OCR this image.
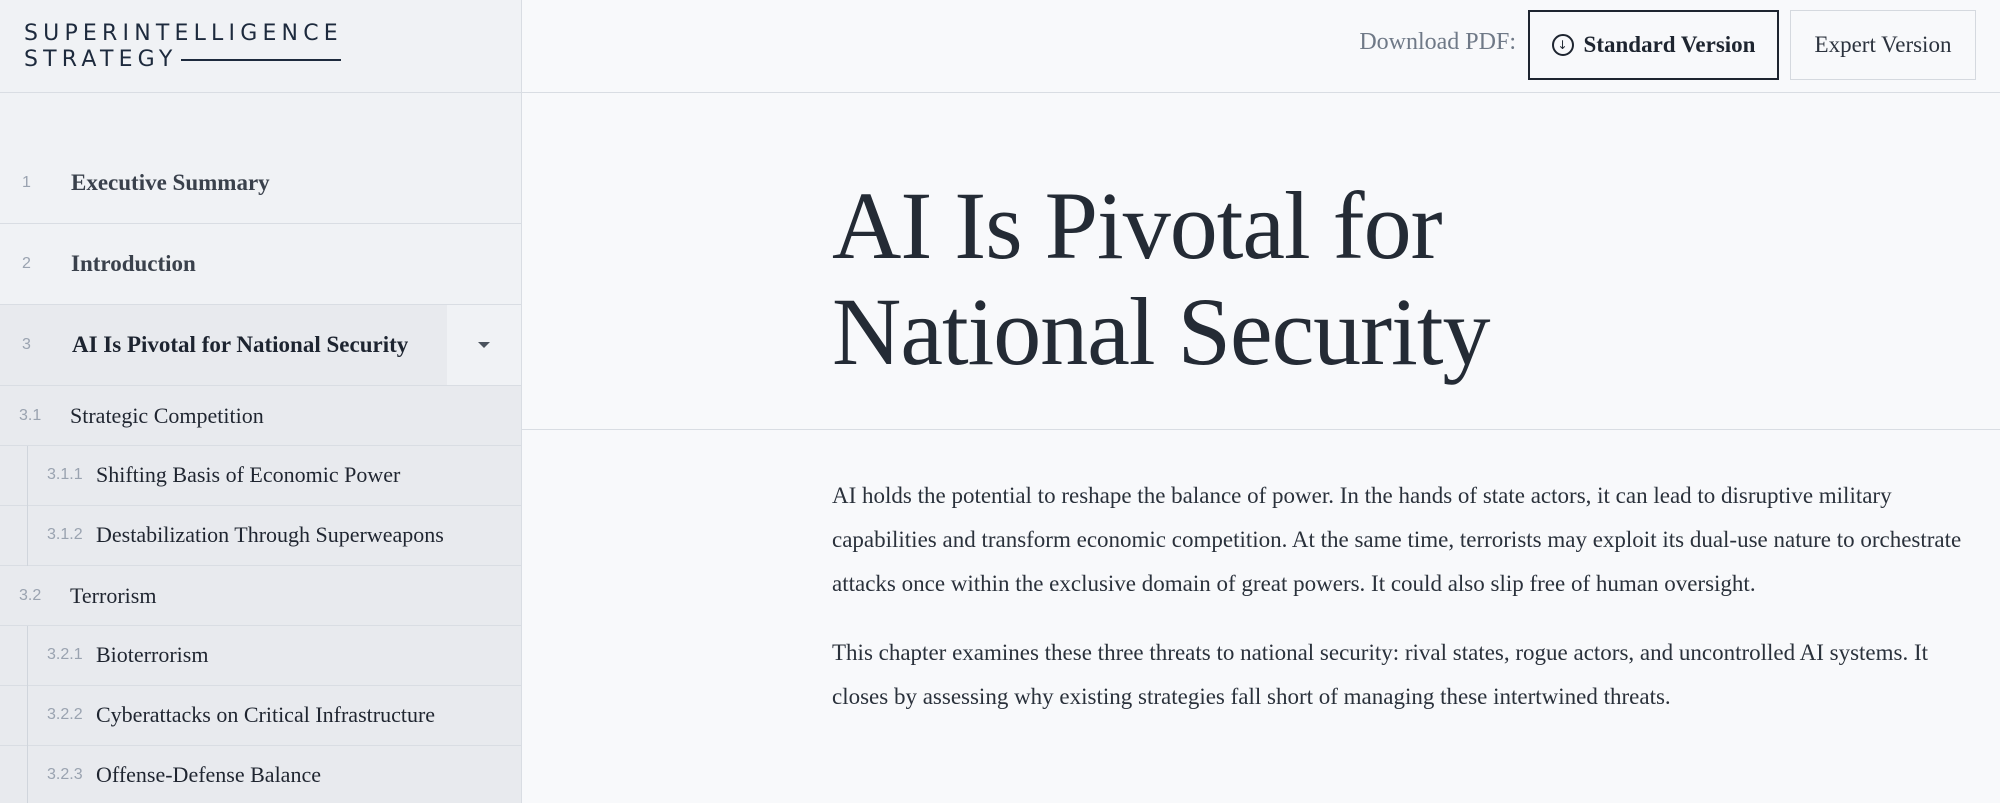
SUPERINTELLIGENCE
STRATEGY
1 Executive Summary
2 Introduction
3 AI Is Pivotal for National Security
3.1 Strategic Competition
3.1.1 Shifting Basis of Economic Power
3.1.2 Destabilization Through Superweapons
3.2 Terrorism
3.2.1 Bioterrorism
3.2.2 Cyberattacks on Critical Infrastructure
3.2.3 Offense-Defense Balance
Download PDF:	↓ Standard Version	Expert Version
AI Is Pivotal for
National Security

AI holds the potential to reshape the balance of power. In the hands of state actors, it can lead to disruptive military capabilities and transform economic competition. At the same time, terrorists may exploit its dual-use nature to orchestrate attacks once within the exclusive domain of great powers. It could also slip free of human oversight.

This chapter examines these three threats to national security: rival states, rogue actors, and uncontrolled AI systems. It closes by assessing why existing strategies fall short of managing these intertwined threats.
